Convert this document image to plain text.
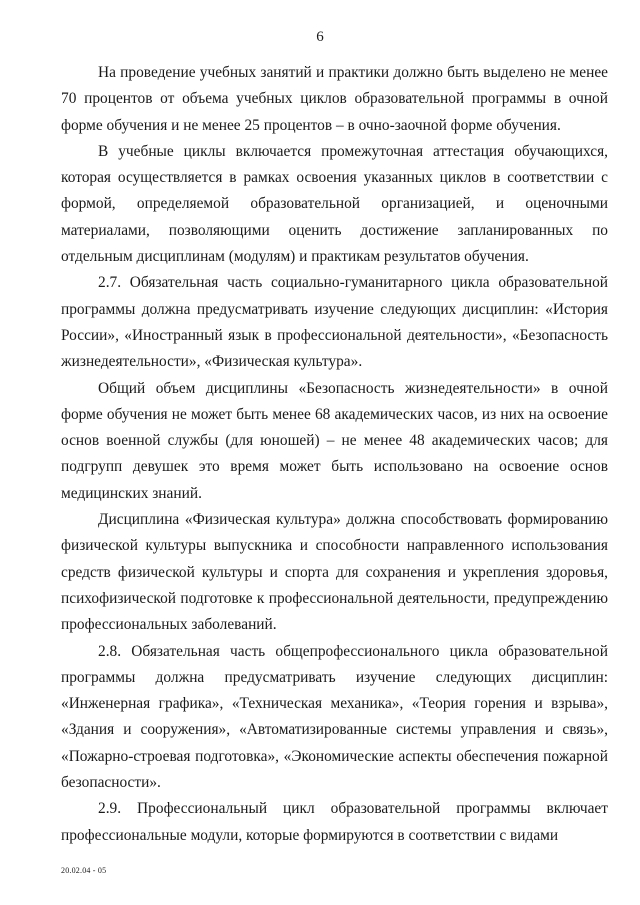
6

На проведение учебных занятий и практики должно быть выделено не менее 70 процентов от объема учебных циклов образовательной программы в очной форме обучения и не менее 25 процентов – в очно-заочной форме обучения.

В учебные циклы включается промежуточная аттестация обучающихся, которая осуществляется в рамках освоения указанных циклов в соответствии с формой, определяемой образовательной организацией, и оценочными материалами, позволяющими оценить достижение запланированных по отдельным дисциплинам (модулям) и практикам результатов обучения.

2.7. Обязательная часть социально-гуманитарного цикла образовательной программы должна предусматривать изучение следующих дисциплин: «История России», «Иностранный язык в профессиональной деятельности», «Безопасность жизнедеятельности», «Физическая культура».

Общий объем дисциплины «Безопасность жизнедеятельности» в очной форме обучения не может быть менее 68 академических часов, из них на освоение основ военной службы (для юношей) – не менее 48 академических часов; для подгрупп девушек это время может быть использовано на освоение основ медицинских знаний.

Дисциплина «Физическая культура» должна способствовать формированию физической культуры выпускника и способности направленного использования средств физической культуры и спорта для сохранения и укрепления здоровья, психофизической подготовке к профессиональной деятельности, предупреждению профессиональных заболеваний.

2.8. Обязательная часть общепрофессионального цикла образовательной программы должна предусматривать изучение следующих дисциплин: «Инженерная графика», «Техническая механика», «Теория горения и взрыва», «Здания и сооружения», «Автоматизированные системы управления и связь», «Пожарно-строевая подготовка», «Экономические аспекты обеспечения пожарной безопасности».

2.9. Профессиональный цикл образовательной программы включает профессиональные модули, которые формируются в соответствии с видами

20.02.04 - 05
